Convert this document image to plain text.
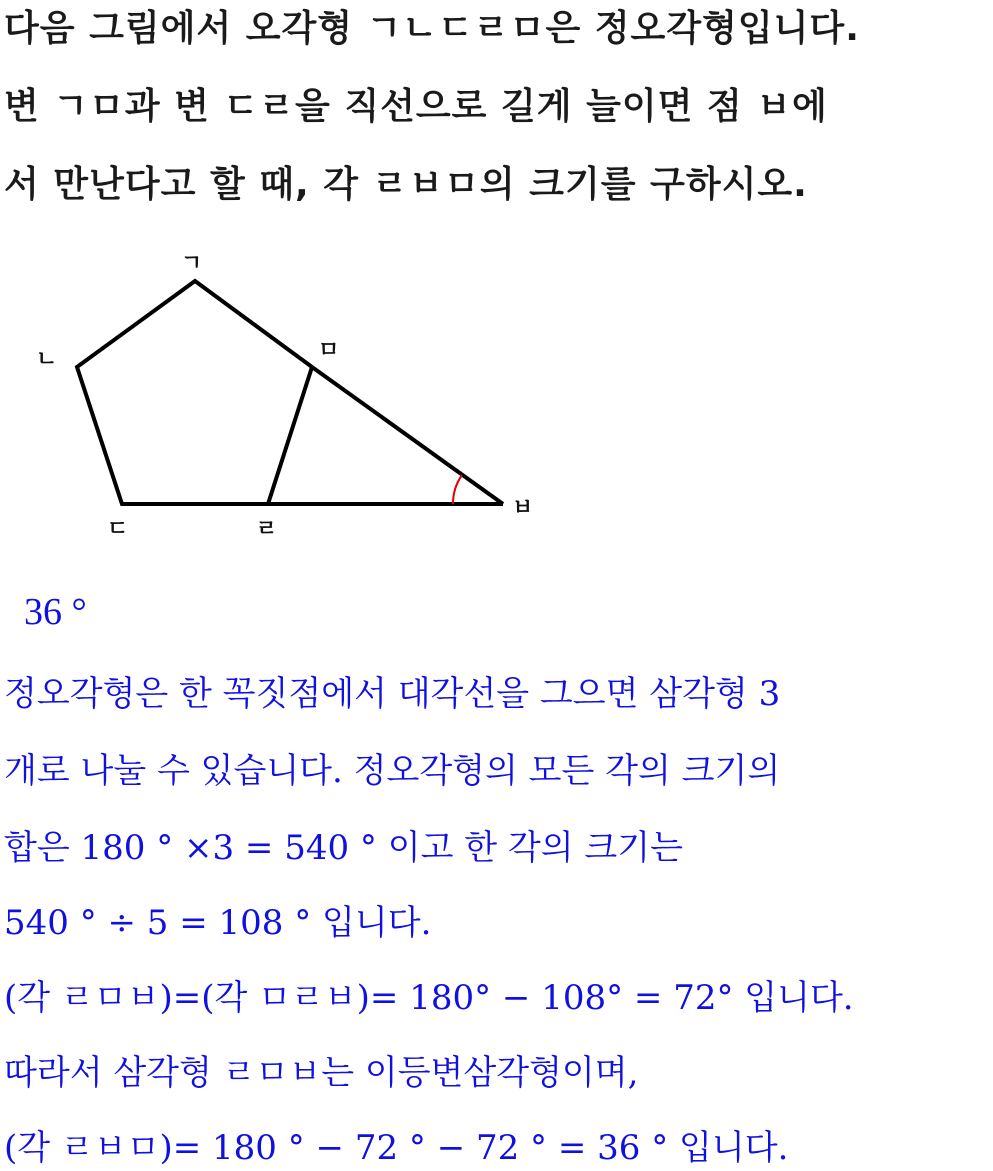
다음 그림에서 오각형 ㄱㄴㄷㄹㅁ은 정오각형입니다.
변 ㄱㅁ과 변 ㄷㄹ을 직선으로 길게 늘이면 점 ㅂ에
서 만난다고 할 때, 각 ㄹㅂㅁ의 크기를 구하시오.
ㄱ
ㄴ
ㄷ	ㄹ
ㅁ
ㅂ
36 °
정오각형은 한 꼭짓점에서 대각선을 그으면 삼각형 3
개로 나눌 수 있습니다. 정오각형의 모든 각의 크기의
합은 180 ° ×3 = 540 ° 이고 한 각의 크기는
540 ° ÷ 5 = 108 ° 입니다.
(각 ㄹㅁㅂ)=(각 ㅁㄹㅂ)= 180° − 108° = 72° 입니다.
따라서 삼각형 ㄹㅁㅂ는 이등변삼각형이며,
(각 ㄹㅂㅁ)= 180 ° − 72 ° − 72 ° = 36 ° 입니다.
